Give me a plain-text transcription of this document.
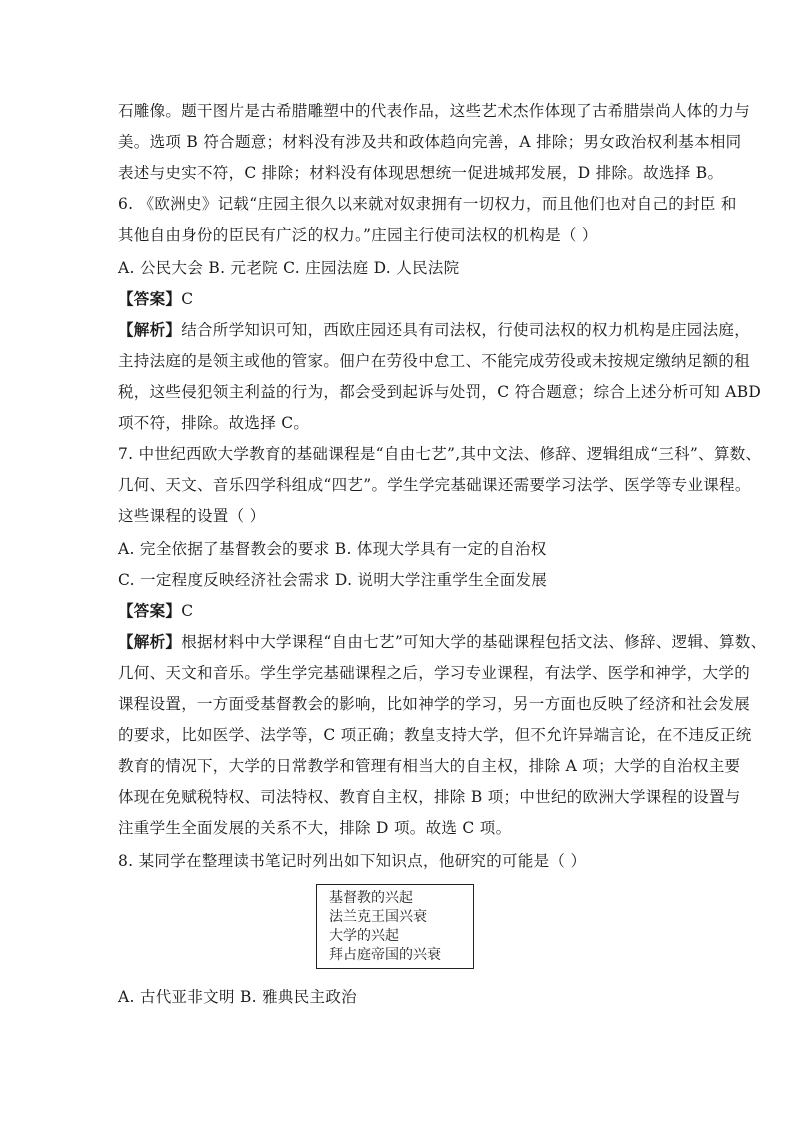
石雕像。题干图片是古希腊雕塑中的代表作品，这些艺术杰作体现了古希腊崇尚人体的力与
美。选项 B 符合题意；材料没有涉及共和政体趋向完善，A 排除；男女政治权利基本相同
表述与史实不符，C 排除；材料没有体现思想统一促进城邦发展，D 排除。故选择 B。
6. 《欧洲史》记载“庄园主很久以来就对奴隶拥有一切权力，而且他们也对自己的封臣 和
其他自由身份的臣民有广泛的权力。”庄园主行使司法权的机构是（ ）
A. 公民大会 B. 元老院 C. 庄园法庭 D. 人民法院
【答案】C
【解析】结合所学知识可知，西欧庄园还具有司法权，行使司法权的权力机构是庄园法庭，
主持法庭的是领主或他的管家。佃户在劳役中怠工、不能完成劳役或未按规定缴纳足额的租
税，这些侵犯领主利益的行为，都会受到起诉与处罚，C 符合题意；综合上述分析可知 ABD
项不符，排除。故选择 C。
7. 中世纪西欧大学教育的基础课程是“自由七艺”,其中文法、修辞、逻辑组成“三科”、算数、
几何、天文、音乐四学科组成“四艺”。学生学完基础课还需要学习法学、医学等专业课程。
这些课程的设置（ ）
A. 完全依据了基督教会的要求 B. 体现大学具有一定的自治权
C. 一定程度反映经济社会需求 D. 说明大学注重学生全面发展
【答案】C
【解析】根据材料中大学课程“自由七艺”可知大学的基础课程包括文法、修辞、逻辑、算数、
几何、天文和音乐。学生学完基础课程之后，学习专业课程，有法学、医学和神学，大学的
课程设置，一方面受基督教会的影响，比如神学的学习，另一方面也反映了经济和社会发展
的要求，比如医学、法学等，C 项正确；教皇支持大学，但不允许异端言论，在不违反正统
教育的情况下，大学的日常教学和管理有相当大的自主权，排除 A 项；大学的自治权主要
体现在免赋税特权、司法特权、教育自主权，排除 B 项；中世纪的欧洲大学课程的设置与
注重学生全面发展的关系不大，排除 D 项。故选 C 项。
8. 某同学在整理读书笔记时列出如下知识点，他研究的可能是（ ）
基督教的兴起
法兰克王国兴衰
大学的兴起
拜占庭帝国的兴衰
A. 古代亚非文明 B. 雅典民主政治
